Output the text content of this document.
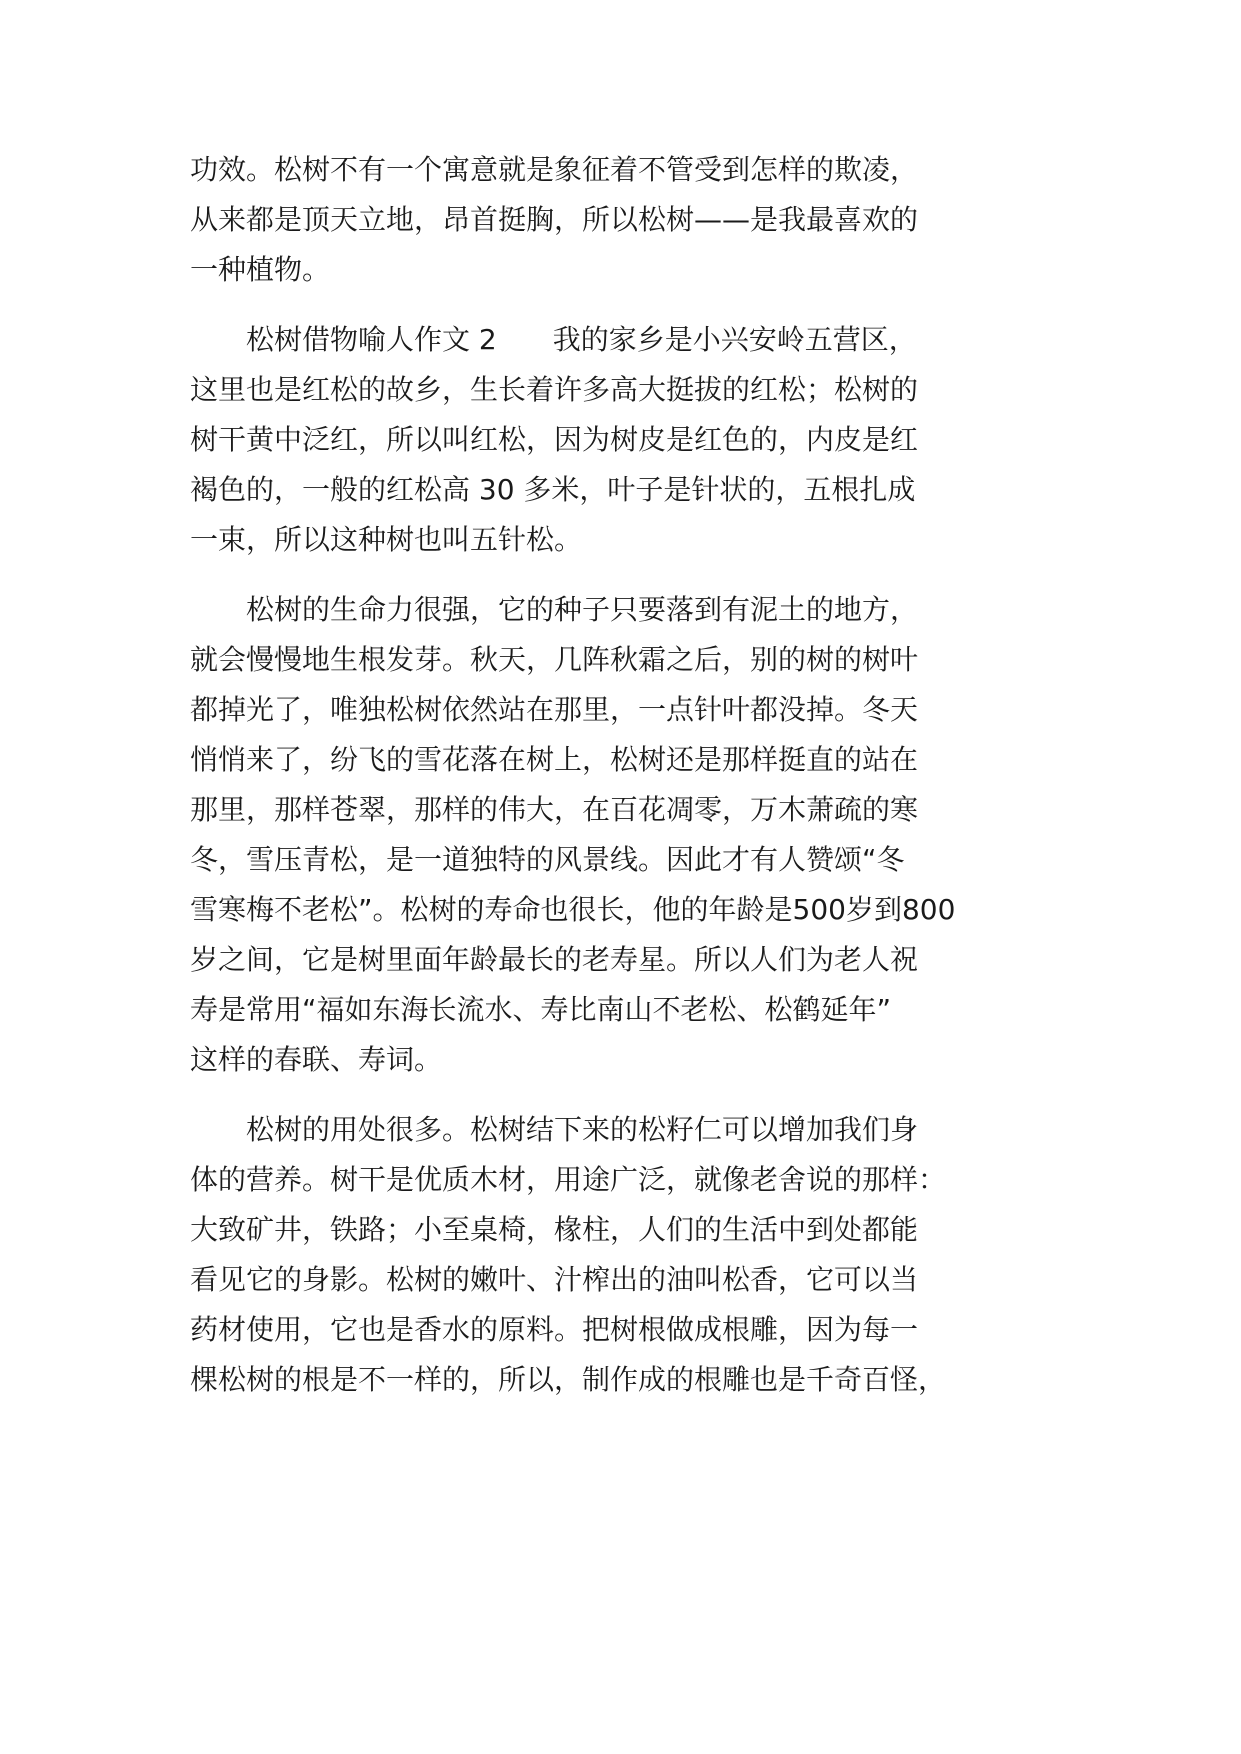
功效。松树不有一个寓意就是象征着不管受到怎样的欺凌，
从来都是顶天立地，昂首挺胸，所以松树——是我最喜欢的
一种植物。
　　松树借物喻人作文 2　　我的家乡是小兴安岭五营区，
这里也是红松的故乡，生长着许多高大挺拔的红松；松树的
树干黄中泛红，所以叫红松，因为树皮是红色的，内皮是红
褐色的，一般的红松高 30 多米，叶子是针状的，五根扎成
一束，所以这种树也叫五针松。
　　松树的生命力很强，它的种子只要落到有泥土的地方，
就会慢慢地生根发芽。秋天，几阵秋霜之后，别的树的树叶
都掉光了，唯独松树依然站在那里，一点针叶都没掉。冬天
悄悄来了，纷飞的雪花落在树上，松树还是那样挺直的站在
那里，那样苍翠，那样的伟大，在百花凋零，万木萧疏的寒
冬，雪压青松，是一道独特的风景线。因此才有人赞颂“冬
雪寒梅不老松”。松树的寿命也很长，他的年龄是500岁到800
岁之间，它是树里面年龄最长的老寿星。所以人们为老人祝
寿是常用“福如东海长流水、寿比南山不老松、松鹤延年”
这样的春联、寿词。
　　松树的用处很多。松树结下来的松籽仁可以增加我们身
体的营养。树干是优质木材，用途广泛，就像老舍说的那样：
大致矿井，铁路；小至桌椅，椽柱，人们的生活中到处都能
看见它的身影。松树的嫩叶、汁榨出的油叫松香，它可以当
药材使用，它也是香水的原料。把树根做成根雕，因为每一
棵松树的根是不一样的，所以，制作成的根雕也是千奇百怪，
